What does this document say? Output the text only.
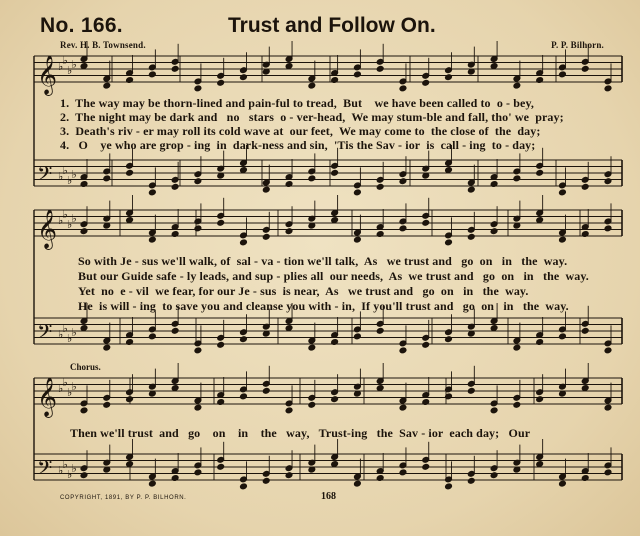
No. 166.	Trust and Follow On.
Rev. H. B. Townsend.	P. P. Bilhorn.
𝄞 ♭ ♭
♭ ♭
𝄢 ♭ ♭
♭ ♭
𝄞 ♭ ♭
♭ ♭
𝄢 ♭ ♭
♭ ♭
𝄞 ♭ ♭
♭ ♭
𝄢 ♭ ♭
♭ ♭
1.  The way may be thorn-lined and pain-ful to tread,  But    we have been called to  o - bey,
2.  The night may be dark and   no   stars  o - ver-head,  We may stum-ble and fall, tho' we  pray;
3.  Death's riv - er may roll its cold wave at  our feet,  We may come to  the close of  the  day;
4.   O    ye who are grop - ing  in  dark-ness and sin,  'Tis the Sav - ior  is  call - ing  to - day;
So with Je - sus we'll walk, of  sal - va - tion we'll talk,  As   we trust and   go  on   in   the  way.
But our Guide safe - ly leads, and sup - plies all  our needs,  As  we trust and   go  on   in   the  way.
Yet  no  e - vil  we fear, for our Je - sus  is near,  As   we trust and   go  on   in   the  way.
He  is will - ing  to save you and cleanse you with - in,  If you'll trust and   go  on   in   the  way.
Chorus.
Then we'll trust  and   go    on    in    the   way,   Trust-ing   the  Sav - ior  each day;   Our
COPYRIGHT, 1891, BY P. P. BILHORN.	168
